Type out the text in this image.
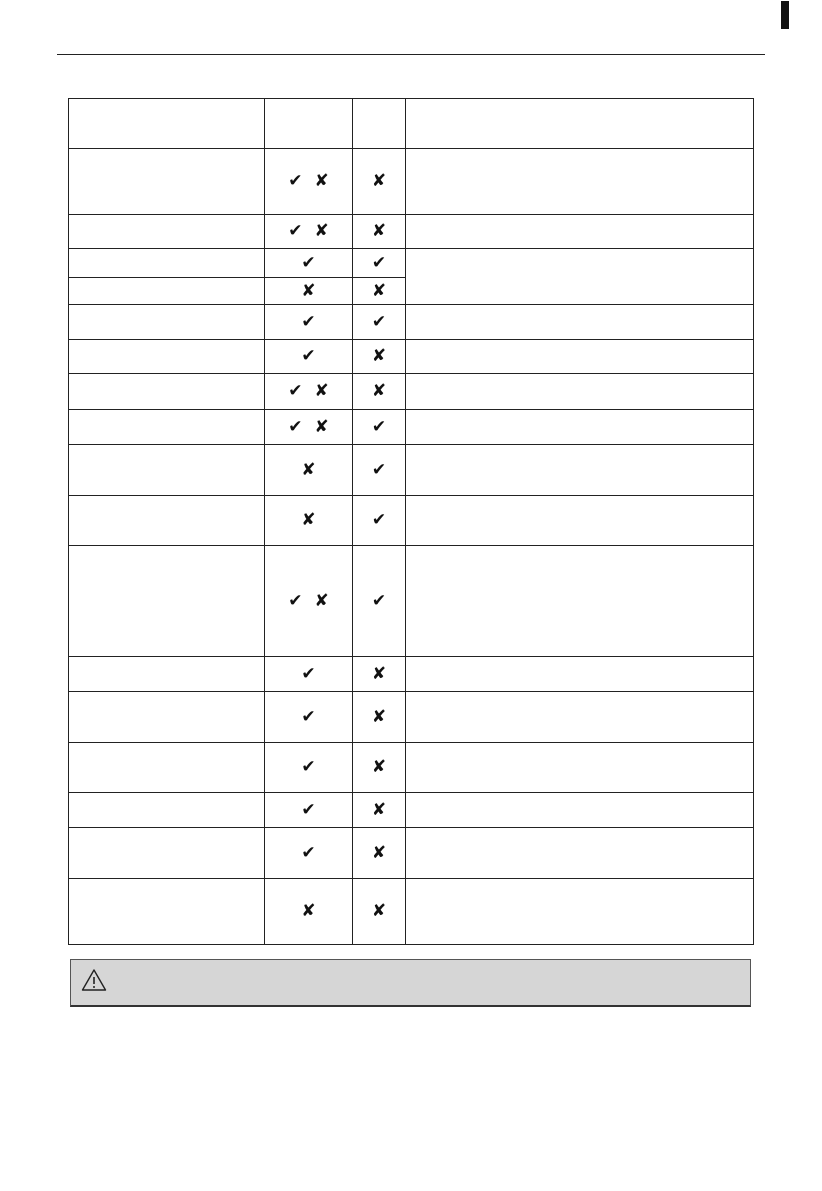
	✔ ✘	✘	
	✔ ✘	✘	
	✔	✔	
	✘	✘	
	✔	✔	
	✔	✘	
	✔ ✘	✘	
	✔ ✘	✔	
	✘	✔	
	✘	✔	
	✔ ✘	✔	
	✔	✘	
	✔	✘	
	✔	✘	
	✔	✘	
	✔	✘	
	✘	✘	
